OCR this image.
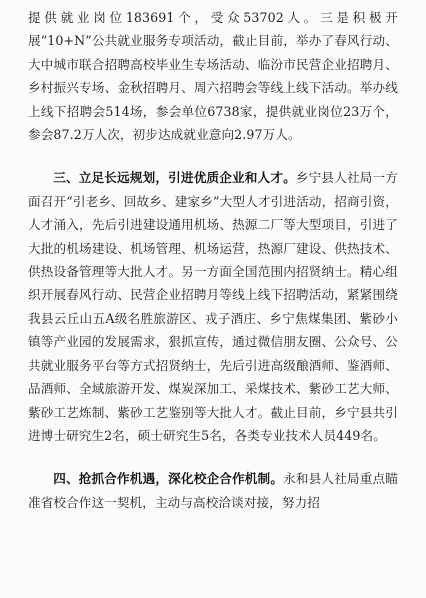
提供就业岗位183691个，受众53702人。三是积极开展“10+N”公共就业服务专项活动，截止目前，举办了春风行动、大中城市联合招聘高校毕业生专场活动、临汾市民营企业招聘月、乡村振兴专场、金秋招聘月、周六招聘会等线上线下活动。举办线上线下招聘会514场，参会单位6738家，提供就业岗位23万个，参会87.2万人次，初步达成就业意向2.97万人。

三、立足长远规划，引进优质企业和人才。乡宁县人社局一方面召开“引老乡、回故乡、建家乡”大型人才引进活动，招商引资，人才涌入，先后引进建设通用机场、热源二厂等大型项目，引进了大批的机场建设、机场管理、机场运营，热源厂建设、供热技术、供热设备管理等大批人才。另一方面全国范围内招贤纳士。精心组织开展春风行动、民营企业招聘月等线上线下招聘活动，紧紧围绕我县云丘山五A级名胜旅游区、戎子酒庄、乡宁焦煤集团、紫砂小镇等产业园的发展需求，狠抓宣传，通过微信朋友圈、公众号、公共就业服务平台等方式招贤纳士，先后引进高级酿酒师、鉴酒师、品酒师、全域旅游开发、煤炭深加工、采煤技术、紫砂工艺大师、紫砂工艺炼制、紫砂工艺鉴别等大批人才。截止目前，乡宁县共引进博士研究生2名，硕士研究生5名，各类专业技术人员449名。

四、抢抓合作机遇，深化校企合作机制。永和县人社局重点瞄准省校合作这一契机，主动与高校洽谈对接，努力招
